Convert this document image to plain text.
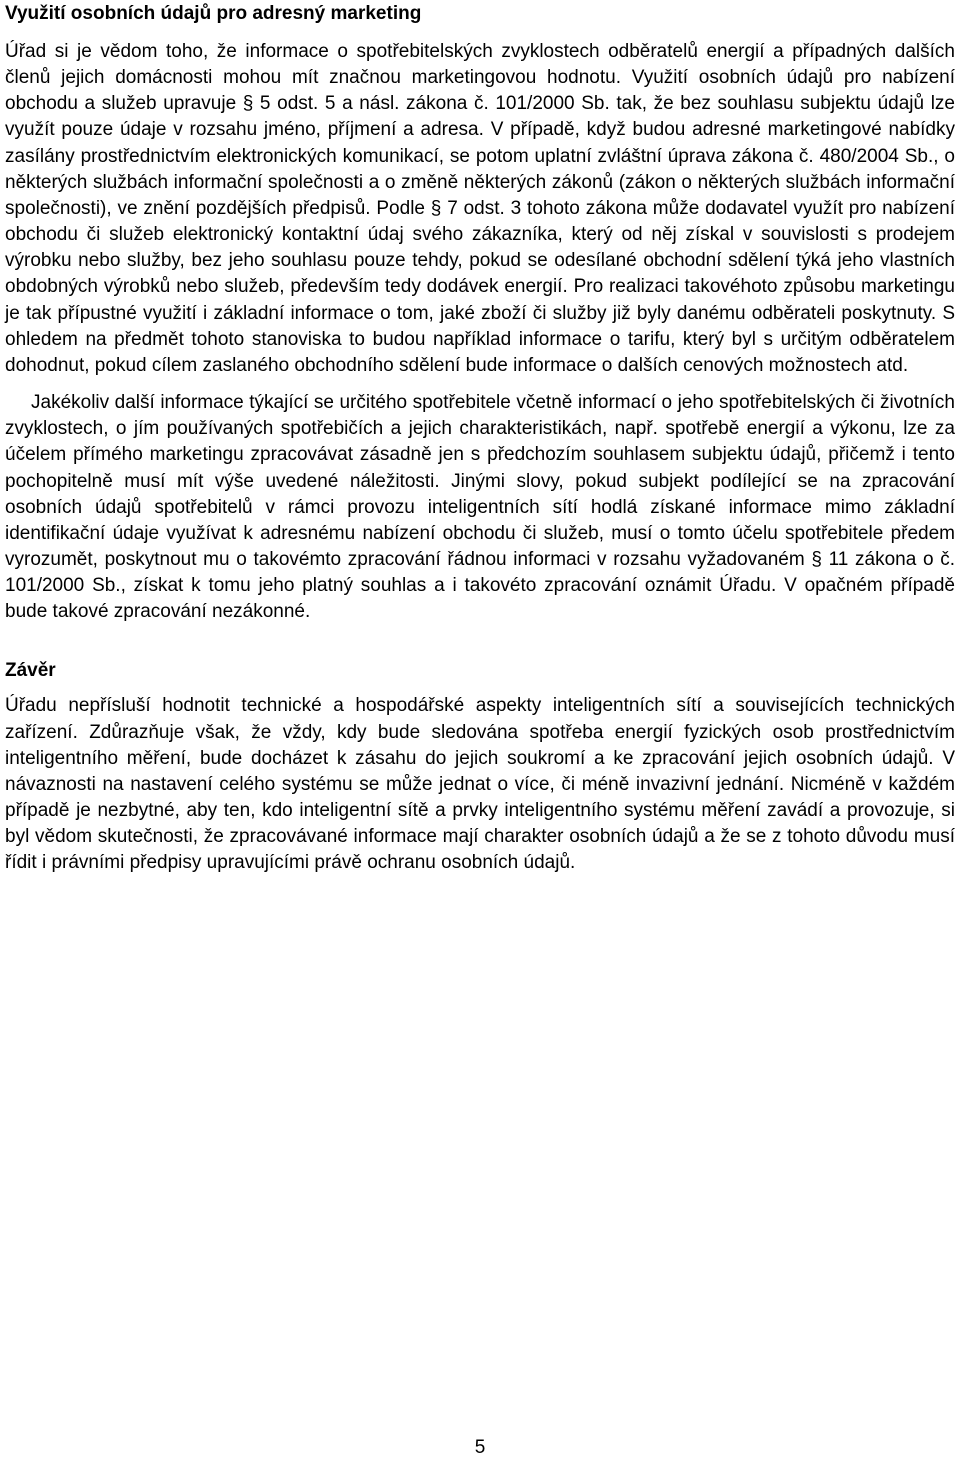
Využití osobních údajů pro adresný marketing

Úřad si je vědom toho, že informace o spotřebitelských zvyklostech odběratelů energií a případných dalších členů jejich domácnosti mohou mít značnou marketingovou hodnotu. Využití osobních údajů pro nabízení obchodu a služeb upravuje § 5 odst. 5 a násl. zákona č. 101/2000 Sb. tak, že bez souhlasu subjektu údajů lze využít pouze údaje v rozsahu jméno, příjmení a adresa. V případě, když budou adresné marketingové nabídky zasílány prostřednictvím elektronických komunikací, se potom uplatní zvláštní úprava zákona č. 480/2004 Sb., o některých službách informační společnosti a o změně některých zákonů (zákon o některých službách informační společnosti), ve znění pozdějších předpisů. Podle § 7 odst. 3 tohoto zákona může dodavatel využít pro nabízení obchodu či služeb elektronický kontaktní údaj svého zákazníka, který od něj získal v souvislosti s prodejem výrobku nebo služby, bez jeho souhlasu pouze tehdy, pokud se odesílané obchodní sdělení týká jeho vlastních obdobných výrobků nebo služeb, především tedy dodávek energií. Pro realizaci takovéhoto způsobu marketingu je tak přípustné využití i základní informace o tom, jaké zboží či služby již byly danému odběrateli poskytnuty. S ohledem na předmět tohoto stanoviska to budou například informace o tarifu, který byl s určitým odběratelem dohodnut, pokud cílem zaslaného obchodního sdělení bude informace o dalších cenových možnostech atd.

Jakékoliv další informace týkající se určitého spotřebitele včetně informací o jeho spotřebitelských či životních zvyklostech, o jím používaných spotřebičích a jejich charakteristikách, např. spotřebě energií a výkonu, lze za účelem přímého marketingu zpracovávat zásadně jen s předchozím souhlasem subjektu údajů, přičemž i tento pochopitelně musí mít výše uvedené náležitosti. Jinými slovy, pokud subjekt podílející se na zpracování osobních údajů spotřebitelů v rámci provozu inteligentních sítí hodlá získané informace mimo základní identifikační údaje využívat k adresnému nabízení obchodu či služeb, musí o tomto účelu spotřebitele předem vyrozumět, poskytnout mu o takovémto zpracování řádnou informaci v rozsahu vyžadovaném § 11 zákona o č. 101/2000 Sb., získat k tomu jeho platný souhlas a i takovéto zpracování oznámit Úřadu. V opačném případě bude takové zpracování nezákonné.

Závěr

Úřadu nepřísluší hodnotit technické a hospodářské aspekty inteligentních sítí a souvisejících technických zařízení. Zdůrazňuje však, že vždy, kdy bude sledována spotřeba energií fyzických osob prostřednictvím inteligentního měření, bude docházet k zásahu do jejich soukromí a ke zpracování jejich osobních údajů. V návaznosti na nastavení celého systému se může jednat o více, či méně invazivní jednání. Nicméně v každém případě je nezbytné, aby ten, kdo inteligentní sítě a prvky inteligentního systému měření zavádí a provozuje, si byl vědom skutečnosti, že zpracovávané informace mají charakter osobních údajů a že se z tohoto důvodu musí řídit i právními předpisy upravujícími právě ochranu osobních údajů.

5
